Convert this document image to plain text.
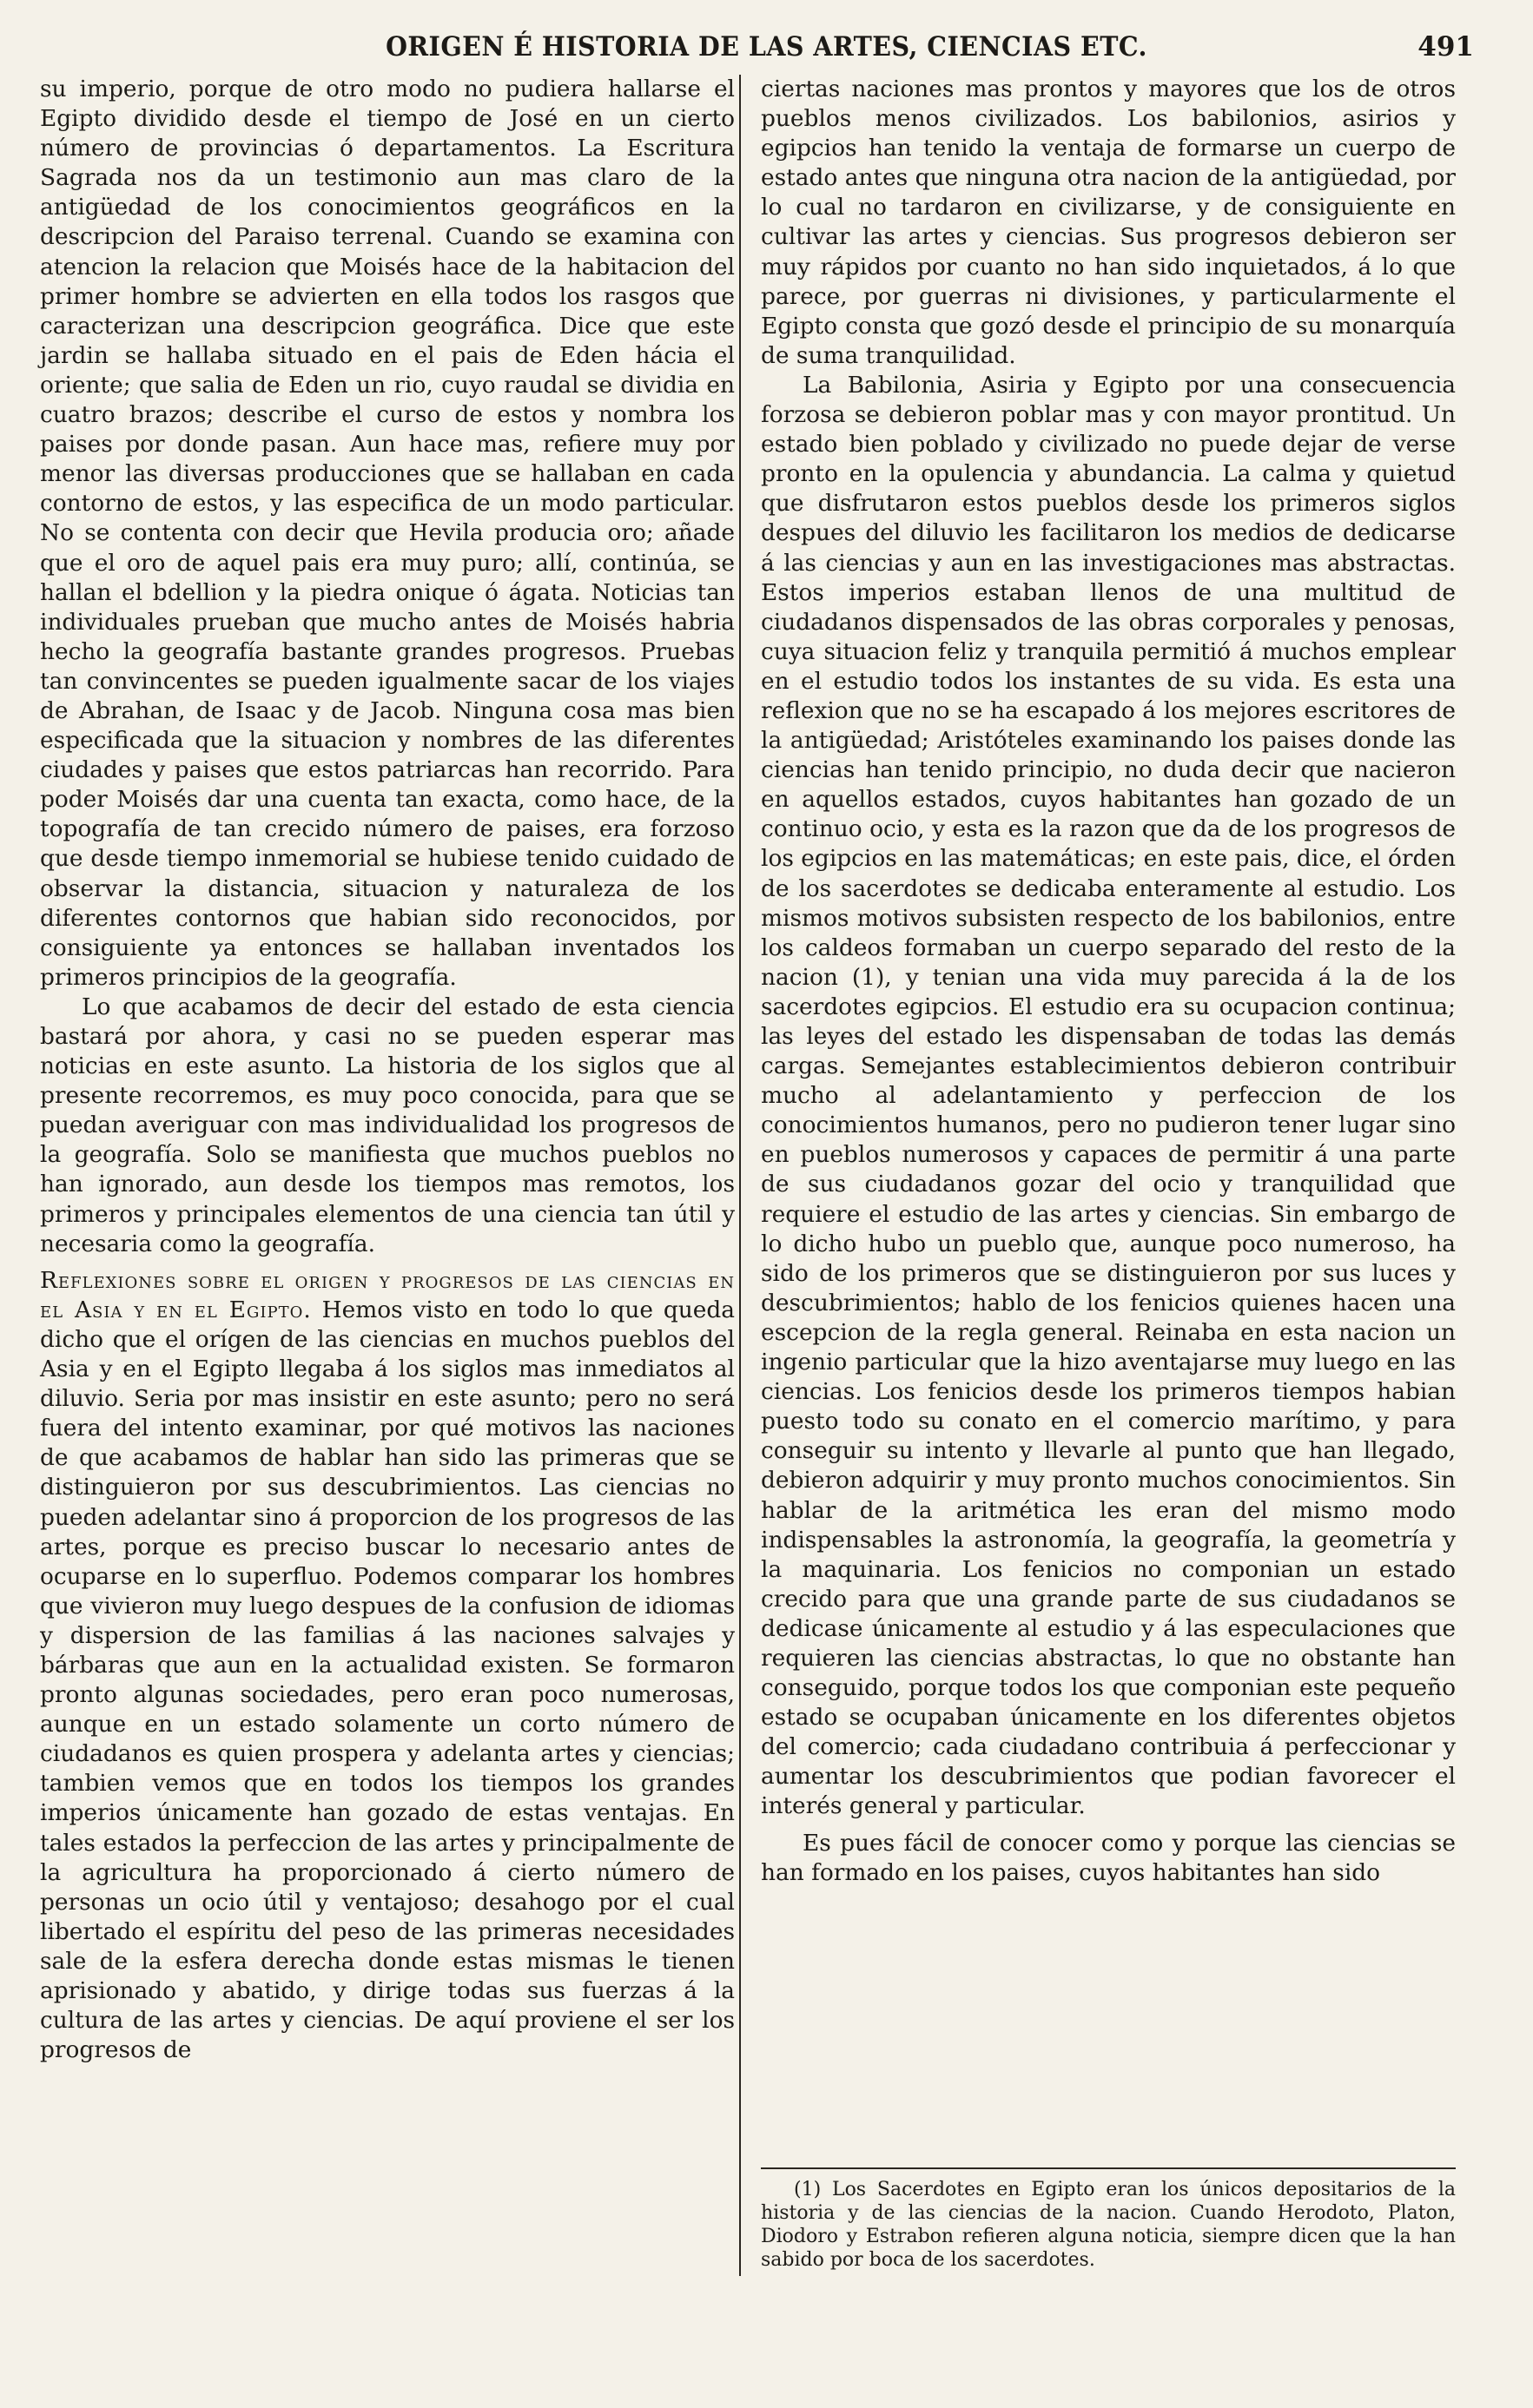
ORIGEN É HISTORIA DE LAS ARTES, CIENCIAS ETC.	491

su imperio, porque de otro modo no pudiera hallarse el Egipto dividido desde el tiempo de José en un cierto número de provincias ó departamentos. La Escritura Sagrada nos da un testimonio aun mas claro de la antigüedad de los conocimientos geográficos en la descripcion del Paraiso terrenal. Cuando se examina con atencion la relacion que Moisés hace de la habitacion del primer hombre se advierten en ella todos los rasgos que caracterizan una descripcion geográfica. Dice que este jardin se hallaba situado en el pais de Eden hácia el oriente; que salia de Eden un rio, cuyo raudal se dividia en cuatro brazos; describe el curso de estos y nombra los paises por donde pasan. Aun hace mas, refiere muy por menor las diversas producciones que se hallaban en cada contorno de estos, y las especifica de un modo particular. No se contenta con decir que Hevila producia oro; añade que el oro de aquel pais era muy puro; allí, continúa, se hallan el bdellion y la piedra onique ó ágata. Noticias tan individuales prueban que mucho antes de Moisés habria hecho la geografía bastante grandes progresos. Pruebas tan convincentes se pueden igualmente sacar de los viajes de Abrahan, de Isaac y de Jacob. Ninguna cosa mas bien especificada que la situacion y nombres de las diferentes ciudades y paises que estos patriarcas han recorrido. Para poder Moisés dar una cuenta tan exacta, como hace, de la topografía de tan crecido número de paises, era forzoso que desde tiempo inmemorial se hubiese tenido cuidado de observar la distancia, situacion y naturaleza de los diferentes contornos que habian sido reconocidos, por consiguiente ya entonces se hallaban inventados los primeros principios de la geografía.

Lo que acabamos de decir del estado de esta ciencia bastará por ahora, y casi no se pueden esperar mas noticias en este asunto. La historia de los siglos que al presente recorremos, es muy poco conocida, para que se puedan averiguar con mas individualidad los progresos de la geografía. Solo se manifiesta que muchos pueblos no han ignorado, aun desde los tiempos mas remotos, los primeros y principales elementos de una ciencia tan útil y necesaria como la geografía.

Reflexiones sobre el origen y progresos de las ciencias en el Asia y en el Egipto. Hemos visto en todo lo que queda dicho que el orígen de las ciencias en muchos pueblos del Asia y en el Egipto llegaba á los siglos mas inmediatos al diluvio. Seria por mas insistir en este asunto; pero no será fuera del intento examinar, por qué motivos las naciones de que acabamos de hablar han sido las primeras que se distinguieron por sus descubrimientos. Las ciencias no pueden adelantar sino á proporcion de los progresos de las artes, porque es preciso buscar lo necesario antes de ocuparse en lo superfluo. Podemos comparar los hombres que vivieron muy luego despues de la confusion de idiomas y dispersion de las familias á las naciones salvajes y bárbaras que aun en la actualidad existen. Se formaron pronto algunas sociedades, pero eran poco numerosas, aunque en un estado solamente un corto número de ciudadanos es quien prospera y adelanta artes y ciencias; tambien vemos que en todos los tiempos los grandes imperios únicamente han gozado de estas ventajas. En tales estados la perfeccion de las artes y principalmente de la agricultura ha proporcionado á cierto número de personas un ocio útil y ventajoso; desahogo por el cual libertado el espíritu del peso de las primeras necesidades sale de la esfera derecha donde estas mismas le tienen aprisionado y abatido, y dirige todas sus fuerzas á la cultura de las artes y ciencias. De aquí proviene el ser los progresos de

ciertas naciones mas prontos y mayores que los de otros pueblos menos civilizados. Los babilonios, asirios y egipcios han tenido la ventaja de formarse un cuerpo de estado antes que ninguna otra nacion de la antigüedad, por lo cual no tardaron en civilizarse, y de consiguiente en cultivar las artes y ciencias. Sus progresos debieron ser muy rápidos por cuanto no han sido inquietados, á lo que parece, por guerras ni divisiones, y particularmente el Egipto consta que gozó desde el principio de su monarquía de suma tranquilidad.

La Babilonia, Asiria y Egipto por una consecuencia forzosa se debieron poblar mas y con mayor prontitud. Un estado bien poblado y civilizado no puede dejar de verse pronto en la opulencia y abundancia. La calma y quietud que disfrutaron estos pueblos desde los primeros siglos despues del diluvio les facilitaron los medios de dedicarse á las ciencias y aun en las investigaciones mas abstractas. Estos imperios estaban llenos de una multitud de ciudadanos dispensados de las obras corporales y penosas, cuya situacion feliz y tranquila permitió á muchos emplear en el estudio todos los instantes de su vida. Es esta una reflexion que no se ha escapado á los mejores escritores de la antigüedad; Aristóteles examinando los paises donde las ciencias han tenido principio, no duda decir que nacieron en aquellos estados, cuyos habitantes han gozado de un continuo ocio, y esta es la razon que da de los progresos de los egipcios en las matemáticas; en este pais, dice, el órden de los sacerdotes se dedicaba enteramente al estudio. Los mismos motivos subsisten respecto de los babilonios, entre los caldeos formaban un cuerpo separado del resto de la nacion (1), y tenian una vida muy parecida á la de los sacerdotes egipcios. El estudio era su ocupacion continua; las leyes del estado les dispensaban de todas las demás cargas. Semejantes establecimientos debieron contribuir mucho al adelantamiento y perfeccion de los conocimientos humanos, pero no pudieron tener lugar sino en pueblos numerosos y capaces de permitir á una parte de sus ciudadanos gozar del ocio y tranquilidad que requiere el estudio de las artes y ciencias. Sin embargo de lo dicho hubo un pueblo que, aunque poco numeroso, ha sido de los primeros que se distinguieron por sus luces y descubrimientos; hablo de los fenicios quienes hacen una escepcion de la regla general. Reinaba en esta nacion un ingenio particular que la hizo aventajarse muy luego en las ciencias. Los fenicios desde los primeros tiempos habian puesto todo su conato en el comercio marítimo, y para conseguir su intento y llevarle al punto que han llegado, debieron adquirir y muy pronto muchos conocimientos. Sin hablar de la aritmética les eran del mismo modo indispensables la astronomía, la geografía, la geometría y la maquinaria. Los fenicios no componian un estado crecido para que una grande parte de sus ciudadanos se dedicase únicamente al estudio y á las especulaciones que requieren las ciencias abstractas, lo que no obstante han conseguido, porque todos los que componian este pequeño estado se ocupaban únicamente en los diferentes objetos del comercio; cada ciudadano contribuia á perfeccionar y aumentar los descubrimientos que podian favorecer el interés general y particular.

Es pues fácil de conocer como y porque las ciencias se han formado en los paises, cuyos habitantes han sido

(1) Los Sacerdotes en Egipto eran los únicos depositarios de la historia y de las ciencias de la nacion. Cuando Herodoto, Platon, Diodoro y Estrabon refieren alguna noticia, siempre dicen que la han sabido por boca de los sacerdotes.
